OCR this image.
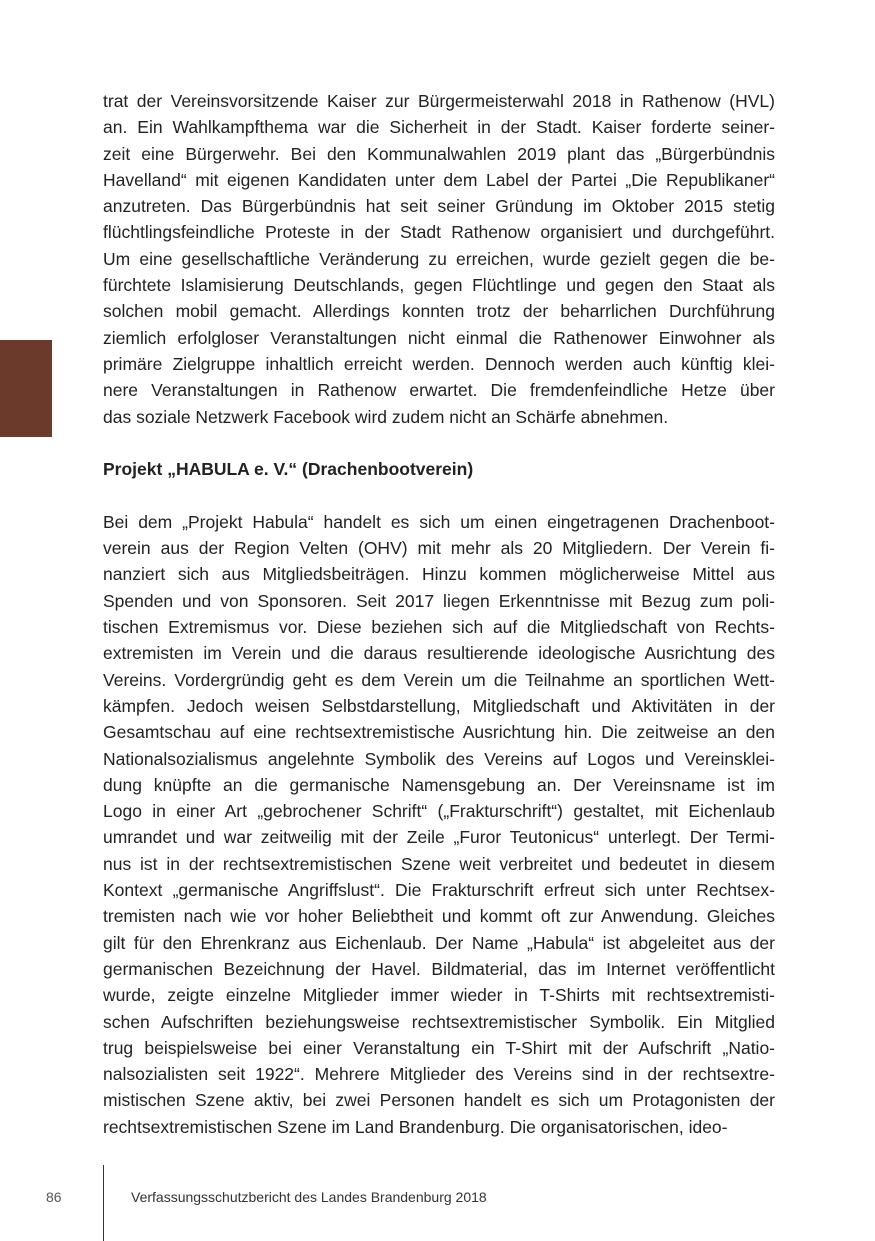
trat der Vereinsvorsitzende Kaiser zur Bürgermeisterwahl 2018 in Rathenow (HVL)
an. Ein Wahlkampfthema war die Sicherheit in der Stadt. Kaiser forderte seiner-
zeit eine Bürgerwehr. Bei den Kommunalwahlen 2019 plant das „Bürgerbündnis
Havelland“ mit eigenen Kandidaten unter dem Label der Partei „Die Republikaner“
anzutreten. Das Bürgerbündnis hat seit seiner Gründung im Oktober 2015 stetig
flüchtlingsfeindliche Proteste in der Stadt Rathenow organisiert und durchgeführt.
Um eine gesellschaftliche Veränderung zu erreichen, wurde gezielt gegen die be-
fürchtete Islamisierung Deutschlands, gegen Flüchtlinge und gegen den Staat als
solchen mobil gemacht. Allerdings konnten trotz der beharrlichen Durchführung
ziemlich erfolgloser Veranstaltungen nicht einmal die Rathenower Einwohner als
primäre Zielgruppe inhaltlich erreicht werden. Dennoch werden auch künftig klei-
nere Veranstaltungen in Rathenow erwartet. Die fremdenfeindliche Hetze über
das soziale Netzwerk Facebook wird zudem nicht an Schärfe abnehmen.

Projekt „HABULA e. V.“ (Drachenbootverein)

Bei dem „Projekt Habula“ handelt es sich um einen eingetragenen Drachenboot-
verein aus der Region Velten (OHV) mit mehr als 20 Mitgliedern. Der Verein fi-
nanziert sich aus Mitgliedsbeiträgen. Hinzu kommen möglicherweise Mittel aus
Spenden und von Sponsoren. Seit 2017 liegen Erkenntnisse mit Bezug zum poli-
tischen Extremismus vor. Diese beziehen sich auf die Mitgliedschaft von Rechts-
extremisten im Verein und die daraus resultierende ideologische Ausrichtung des
Vereins. Vordergründig geht es dem Verein um die Teilnahme an sportlichen Wett-
kämpfen. Jedoch weisen Selbstdarstellung, Mitgliedschaft und Aktivitäten in der
Gesamtschau auf eine rechtsextremistische Ausrichtung hin. Die zeitweise an den
Nationalsozialismus angelehnte Symbolik des Vereins auf Logos und Vereinsklei-
dung knüpfte an die germanische Namensgebung an. Der Vereinsname ist im
Logo in einer Art „gebrochener Schrift“ („Frakturschrift“) gestaltet, mit Eichenlaub
umrandet und war zeitweilig mit der Zeile „Furor Teutonicus“ unterlegt. Der Termi-
nus ist in der rechtsextremistischen Szene weit verbreitet und bedeutet in diesem
Kontext „germanische Angriffslust“. Die Frakturschrift erfreut sich unter Rechtsex-
tremisten nach wie vor hoher Beliebtheit und kommt oft zur Anwendung. Gleiches
gilt für den Ehrenkranz aus Eichenlaub. Der Name „Habula“ ist abgeleitet aus der
germanischen Bezeichnung der Havel. Bildmaterial, das im Internet veröffentlicht
wurde, zeigte einzelne Mitglieder immer wieder in T-Shirts mit rechtsextremisti-
schen Aufschriften beziehungsweise rechtsextremistischer Symbolik. Ein Mitglied
trug beispielsweise bei einer Veranstaltung ein T-Shirt mit der Aufschrift „Natio-
nalsozialisten seit 1922“. Mehrere Mitglieder des Vereins sind in der rechtsextre-
mistischen Szene aktiv, bei zwei Personen handelt es sich um Protagonisten der
rechtsextremistischen Szene im Land Brandenburg. Die organisatorischen, ideo-

86	Verfassungsschutzbericht des Landes Brandenburg 2018
